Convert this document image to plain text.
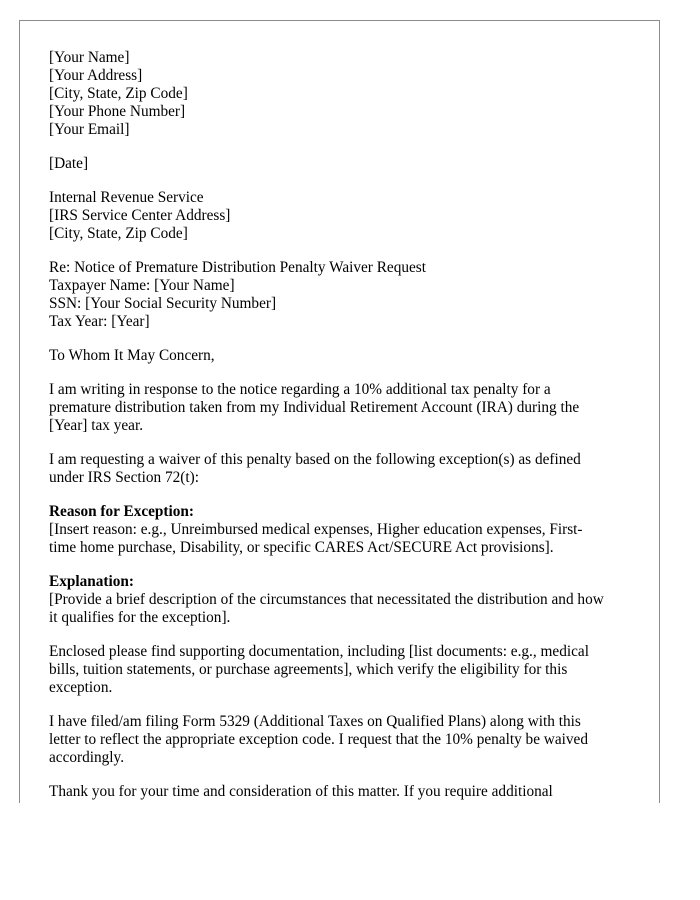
[Your Name]
[Your Address]
[City, State, Zip Code]
[Your Phone Number]
[Your Email]
[Date]
Internal Revenue Service
[IRS Service Center Address]
[City, State, Zip Code]
Re: Notice of Premature Distribution Penalty Waiver Request
Taxpayer Name: [Your Name]
SSN: [Your Social Security Number]
Tax Year: [Year]
To Whom It May Concern,
I am writing in response to the notice regarding a 10% additional tax penalty for a
premature distribution taken from my Individual Retirement Account (IRA) during the
[Year] tax year.
I am requesting a waiver of this penalty based on the following exception(s) as defined
under IRS Section 72(t):
Reason for Exception:
[Insert reason: e.g., Unreimbursed medical expenses, Higher education expenses, First-
time home purchase, Disability, or specific CARES Act/SECURE Act provisions].
Explanation:
[Provide a brief description of the circumstances that necessitated the distribution and how
it qualifies for the exception].
Enclosed please find supporting documentation, including [list documents: e.g., medical
bills, tuition statements, or purchase agreements], which verify the eligibility for this
exception.
I have filed/am filing Form 5329 (Additional Taxes on Qualified Plans) along with this
letter to reflect the appropriate exception code. I request that the 10% penalty be waived
accordingly.
Thank you for your time and consideration of this matter. If you require additional
